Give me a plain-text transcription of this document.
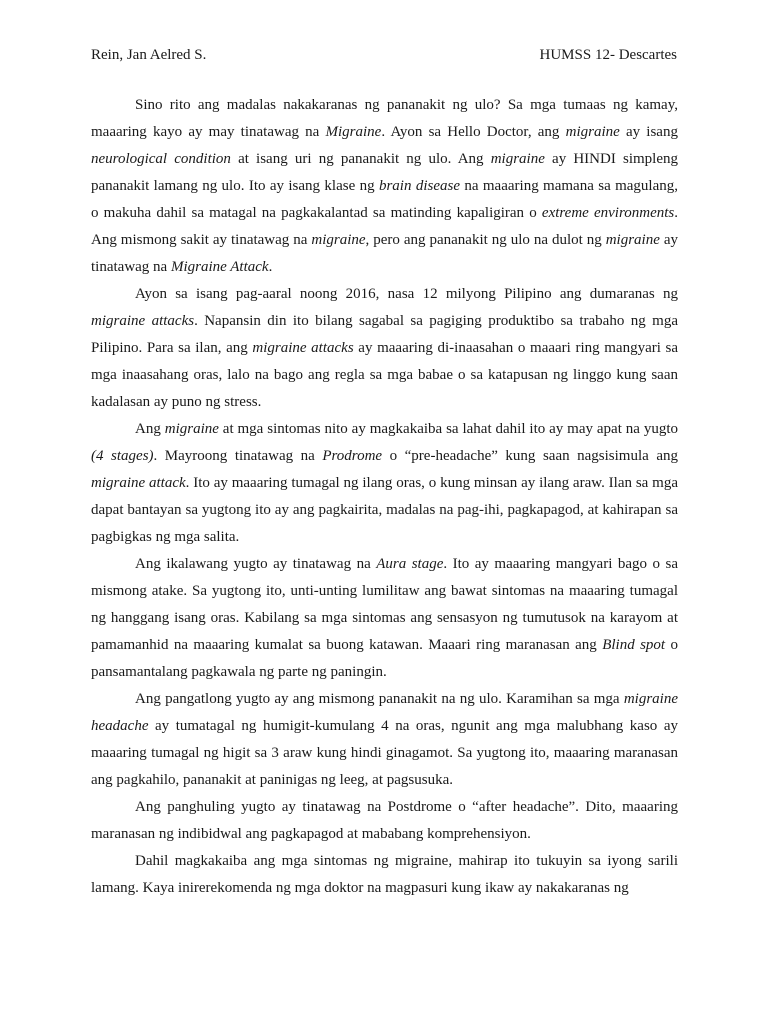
Rein, Jan Aelred S.	HUMSS 12- Descartes

Sino rito ang madalas nakakaranas ng pananakit ng ulo? Sa mga tumaas ng kamay, maaaring kayo ay may tinatawag na Migraine. Ayon sa Hello Doctor, ang migraine ay isang neurological condition at isang uri ng pananakit ng ulo. Ang migraine ay HINDI simpleng pananakit lamang ng ulo. Ito ay isang klase ng brain disease na maaaring mamana sa magulang, o makuha dahil sa matagal na pagkakalantad sa matinding kapaligiran o extreme environments. Ang mismong sakit ay tinatawag na migraine, pero ang pananakit ng ulo na dulot ng migraine ay tinatawag na Migraine Attack.

Ayon sa isang pag-aaral noong 2016, nasa 12 milyong Pilipino ang dumaranas ng migraine attacks. Napansin din ito bilang sagabal sa pagiging produktibo sa trabaho ng mga Pilipino. Para sa ilan, ang migraine attacks ay maaaring di-inaasahan o maaari ring mangyari sa mga inaasahang oras, lalo na bago ang regla sa mga babae o sa katapusan ng linggo kung saan kadalasan ay puno ng stress.

Ang migraine at mga sintomas nito ay magkakaiba sa lahat dahil ito ay may apat na yugto (4 stages). Mayroong tinatawag na Prodrome o “pre-headache” kung saan nagsisimula ang migraine attack. Ito ay maaaring tumagal ng ilang oras, o kung minsan ay ilang araw. Ilan sa mga dapat bantayan sa yugtong ito ay ang pagkairita, madalas na pag-ihi, pagkapagod, at kahirapan sa pagbigkas ng mga salita.

Ang ikalawang yugto ay tinatawag na Aura stage. Ito ay maaaring mangyari bago o sa mismong atake. Sa yugtong ito, unti-unting lumilitaw ang bawat sintomas na maaaring tumagal ng hanggang isang oras. Kabilang sa mga sintomas ang sensasyon ng tumutusok na karayom at pamamanhid na maaaring kumalat sa buong katawan. Maaari ring maranasan ang Blind spot o pansamantalang pagkawala ng parte ng paningin.

Ang pangatlong yugto ay ang mismong pananakit na ng ulo. Karamihan sa mga migraine headache ay tumatagal ng humigit-kumulang 4 na oras, ngunit ang mga malubhang kaso ay maaaring tumagal ng higit sa 3 araw kung hindi ginagamot. Sa yugtong ito, maaaring maranasan ang pagkahilo, pananakit at paninigas ng leeg, at pagsusuka.

Ang panghuling yugto ay tinatawag na Postdrome o “after headache”. Dito, maaaring maranasan ng indibidwal ang pagkapagod at mababang komprehensiyon.

Dahil magkakaiba ang mga sintomas ng migraine, mahirap ito tukuyin sa iyong sarili lamang. Kaya inirerekomenda ng mga doktor na magpasuri kung ikaw ay nakakaranas ng
